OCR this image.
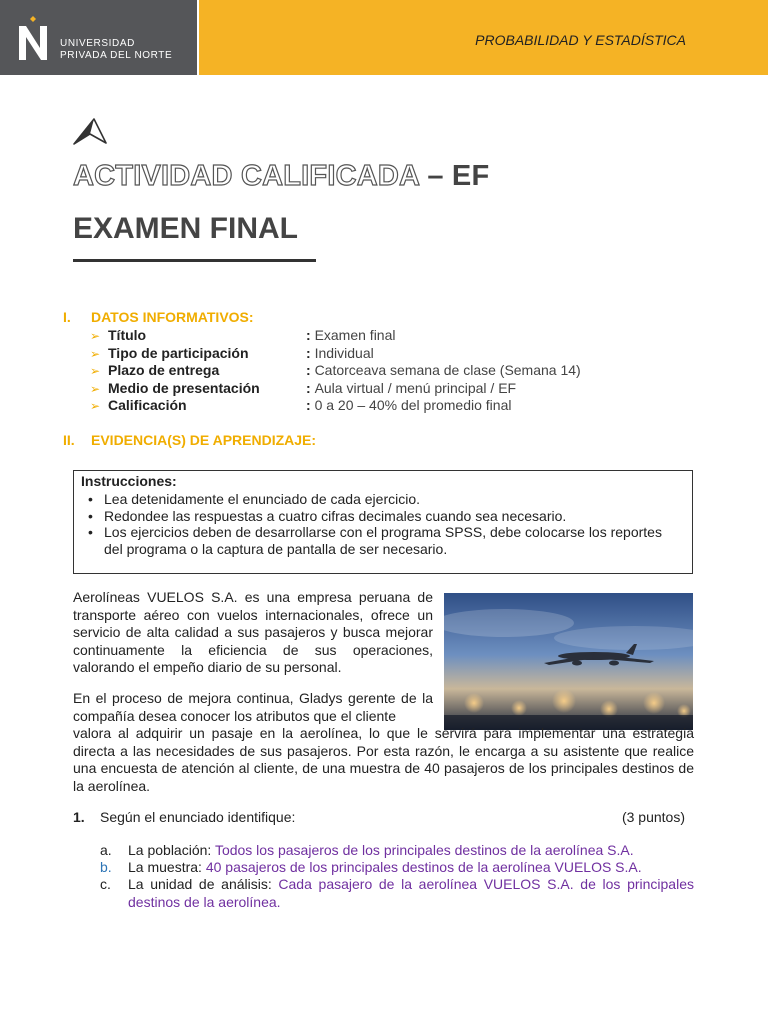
UNIVERSIDAD
PRIVADA DEL NORTE
PROBABILIDAD Y ESTADÍSTICA
ACTIVIDAD CALIFICADA – EF
EXAMEN FINAL
I. DATOS INFORMATIVOS:
➢ Título	: Examen final
➢ Tipo de participación	: Individual
➢ Plazo de entrega	: Catorceava semana de clase (Semana 14)
➢ Medio de presentación	: Aula virtual / menú principal / EF
➢ Calificación	: 0 a 20 – 40% del promedio final
II. EVIDENCIA(S) DE APRENDIZAJE:
Instrucciones:
• Lea detenidamente el enunciado de cada ejercicio.
• Redondee las respuestas a cuatro cifras decimales cuando sea necesario.
• Los ejercicios deben de desarrollarse con el programa SPSS, debe colocarse los reportes del programa o la captura de pantalla de ser necesario.
Aerolíneas VUELOS S.A. es una empresa peruana de transporte aéreo con vuelos internacionales, ofrece un servicio de alta calidad a sus pasajeros y busca mejorar continuamente la eficiencia de sus operaciones, valorando el empeño diario de su personal.
En el proceso de mejora continua, Gladys gerente de la compañía desea conocer los atributos que el cliente
valora al adquirir un pasaje en la aerolínea, lo que le servirá para implementar una estrategia directa a las necesidades de sus pasajeros. Por esta razón, le encarga a su asistente que realice una encuesta de atención al cliente, de una muestra de 40 pasajeros de los principales destinos de la aerolínea.
1. Según el enunciado identifique:	(3 puntos)
a. La población: Todos los pasajeros de los principales destinos de la aerolínea S.A.
b. La muestra: 40 pasajeros de los principales destinos de la aerolínea VUELOS S.A.
c. La unidad de análisis: Cada pasajero de la aerolínea VUELOS S.A. de los principales destinos de la aerolínea.
